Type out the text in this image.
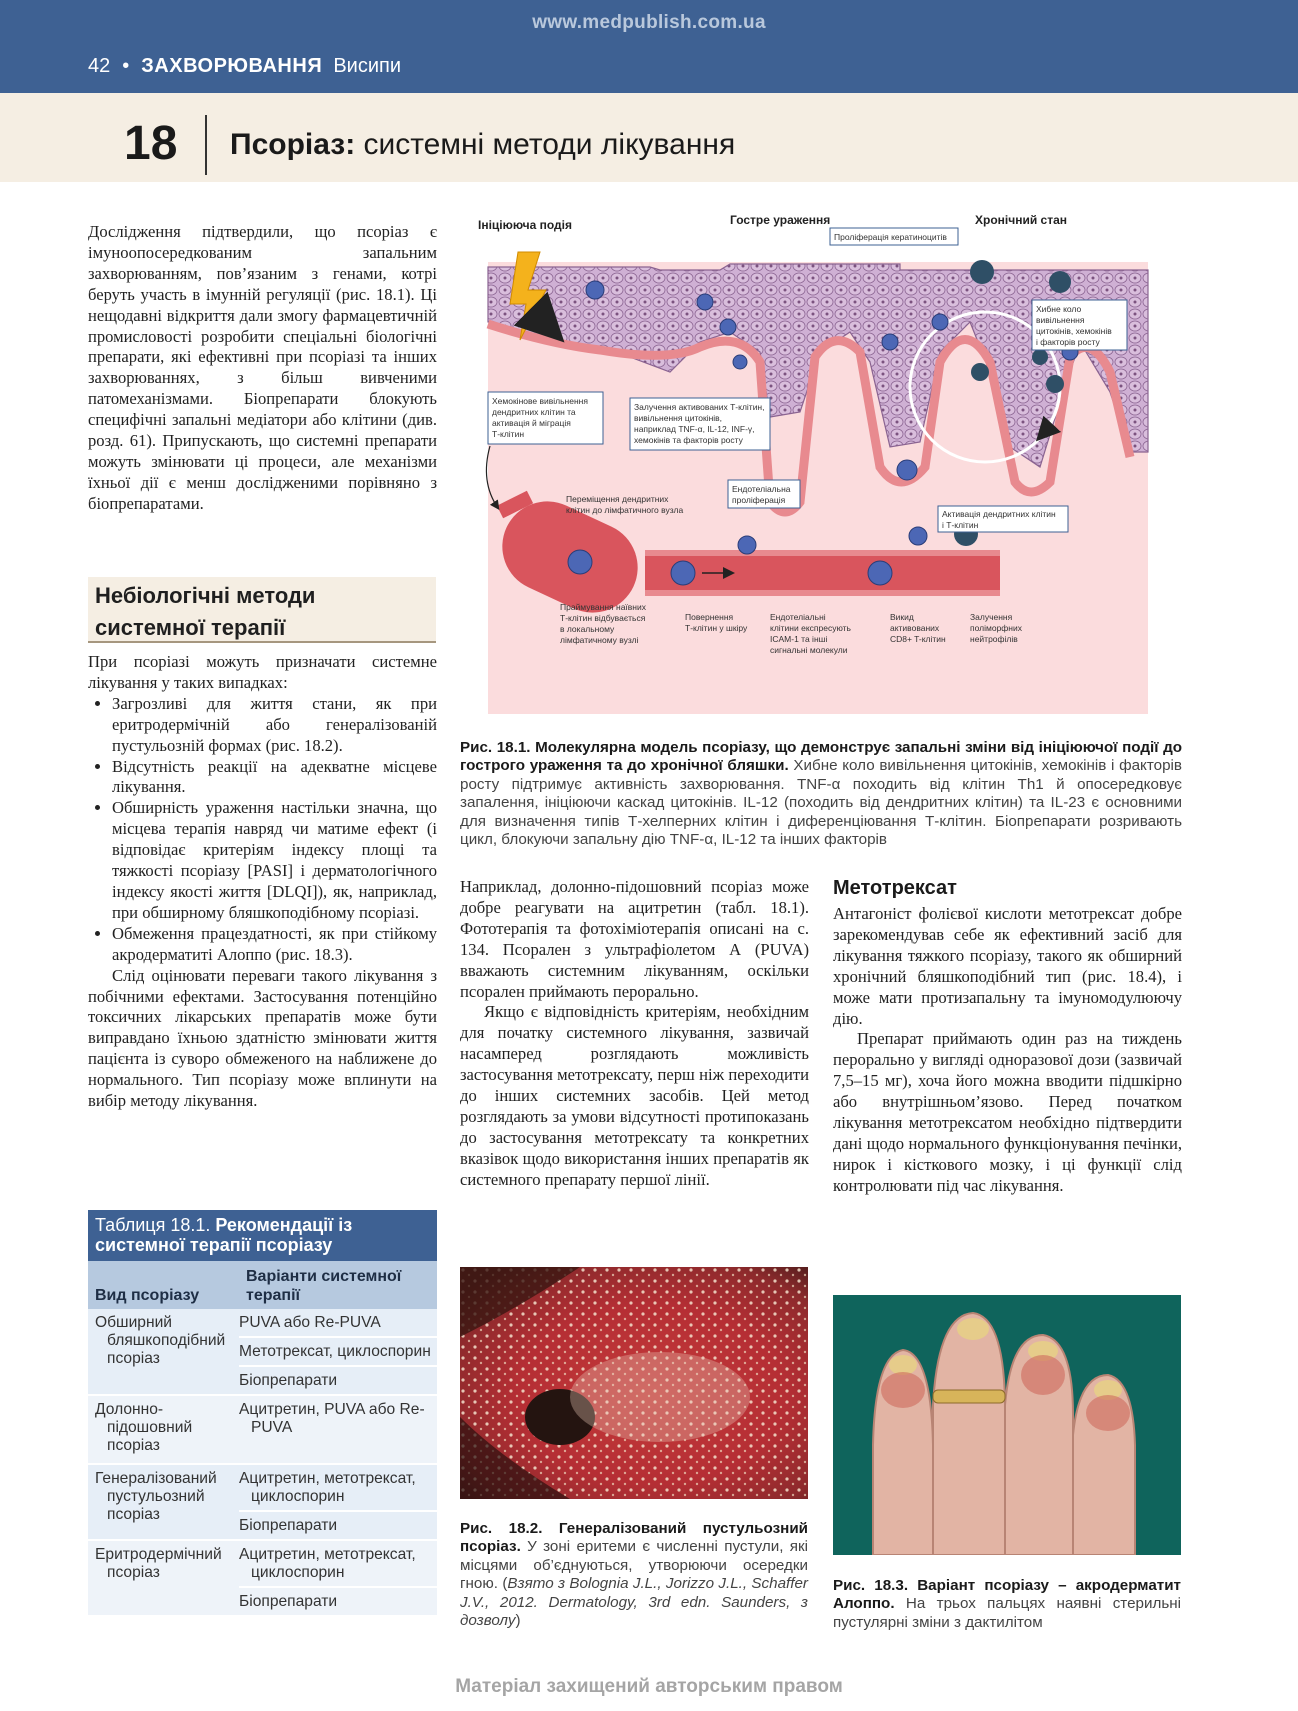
www.medpublish.com.ua
42 • ЗАХВОРЮВАННЯ Висипи
18 Псоріаз: системні методи лікування

Дослідження підтвердили, що псоріаз є імуноопосередкованим запальним захворюванням, пов’язаним з генами, котрі беруть участь в імунній регуляції (рис. 18.1). Ці нещодавні відкриття дали змогу фармацевтичній промисловості розробити спеціальні біологічні препарати, які ефективні при псоріазі та інших захворюваннях, з більш вивченими патомеханізмами. Біопрепарати блокують специфічні запальні медіатори або клітини (див. розд. 61). Припускають, що системні препарати можуть змінювати ці процеси, але механізми їхньої дії є менш дослідженими порівняно з біопрепаратами.

Небіологічні методи
системної терапії

При псоріазі можуть призначати системне лікування у таких випадках:

• Загрозливі для життя стани, як при еритродермічній або генералізованій пустульозній формах (рис. 18.2).
• Відсутність реакції на адекватне місцеве лікування.
• Обширність ураження настільки значна, що місцева терапія навряд чи матиме ефект (і відповідає критеріям індексу площі та тяжкості псоріазу [PASI] і дерматологічного індексу якості життя [DLQI]), як, наприклад, при обширному бляшкоподібному псоріазі.
• Обмеження працездатності, як при стійкому акродерматиті Алоппо (рис. 18.3).

Слід оцінювати переваги такого лікування з побічними ефектами. Застосування потенційно токсичних лікарських препаратів може бути виправдано їхньою здатністю змінювати життя пацієнта із суворо обмеженого на наближене до нормального. Тип псоріазу може вплинути на вибір методу лікування.

Таблиця 18.1. Рекомендації із системної терапії псоріазу
Вид псоріазу
Варіанти системної терапії
Обширний бляшкоподібний псоріаз
PUVA або Re-PUVA
Метотрексат, циклоспорин
Біопрепарати
Долонно-підошовний псоріаз
Ацитретин, PUVA або Re-PUVA
Генералізований пустульозний псоріаз
Ацитретин, метотрексат, циклоспорин
Біопрепарати
Еритродермічний псоріаз
Ацитретин, метотрексат, циклоспорин
Біопрепарати
Ініціююча подія	Гостре ураження	Хронічний стан
Проліферація кератиноцитів
Хибне коло вивільнення цитокінів, хемокінів і факторів росту
Хемокінове вивільнення дендритних клітин та активація й міграція Т-клітин
Залучення активованих Т-клітин, вивільнення цитокінів, наприклад TNF-α, IL-12, INF-γ, хемокінів та факторів росту
Ендотеліальна проліферація
Активація дендритних клітин і Т-клітин
Переміщення дендритних клітин до лімфатичного вузла
Праймування наївних Т-клітин відбувається в локальному лімфатичному вузлі
Повернення Т-клітин у шкіру
Ендотеліальні клітини експресують ICAM-1 та інші сигнальні молекули
Викид активованих CD8+ T-клітин
Залучення поліморфних нейтрофілів
Рис. 18.1. Молекулярна модель псоріазу, що демонструє запальні зміни від ініціюючої події до гострого ураження та до хронічної бляшки. Хибне коло вивільнення цитокінів, хемокінів і факторів росту підтримує активність захворювання. TNF-α походить від клітин Th1 й опосередковує запалення, ініціюючи каскад цитокінів. IL-12 (походить від дендритних клітин) та IL-23 є основними для визначення типів Т-хелперних клітин і диференціювання Т-клітин. Біопрепарати розривають цикл, блокуючи запальну дію TNF-α, IL-12 та інших факторів

Наприклад, долонно-підошовний псоріаз може добре реагувати на ацитретин (табл. 18.1). Фототерапія та фотохіміотерапія описані на с. 134. Псорален з ультрафіолетом А (PUVA) вважають системним лікуванням, оскільки псорален приймають перорально.

Якщо є відповідність критеріям, необхідним для початку системного лікування, зазвичай насамперед розглядають можливість застосування метотрексату, перш ніж переходити до інших системних засобів. Цей метод розглядають за умови відсутності протипоказань до застосування метотрексату та конкретних вказівок щодо використання інших препаратів як системного препарату першої лінії.

Метотрексат

Антагоніст фолієвої кислоти метотрексат добре зарекомендував себе як ефективний засіб для лікування тяжкого псоріазу, такого як обширний хронічний бляшкоподібний тип (рис. 18.4), і може мати протизапальну та імуномодулюючу дію.

Препарат приймають один раз на тиждень перорально у вигляді одноразової дози (зазвичай 7,5–15 мг), хоча його можна вводити підшкірно або внутрішньом’язово. Перед початком лікування метотрексатом необхідно підтвердити дані щодо нормального функціонування печінки, нирок і кісткового мозку, і ці функції слід контролювати під час лікування.

Рис. 18.2. Генералізований пустульозний псоріаз. У зоні еритеми є численні пустули, які місцями об’єднуються, утворюючи осередки гною. (Взято з Bolognia J.L., Jorizzo J.L., Schaffer J.V., 2012. Dermatology, 3rd edn. Saunders, з дозволу)
Рис. 18.3. Варіант псоріазу – акродерматит Алоппо. На трьох пальцях наявні стерильні пустулярні зміни з дактилітом
Матеріал захищений авторським правом
